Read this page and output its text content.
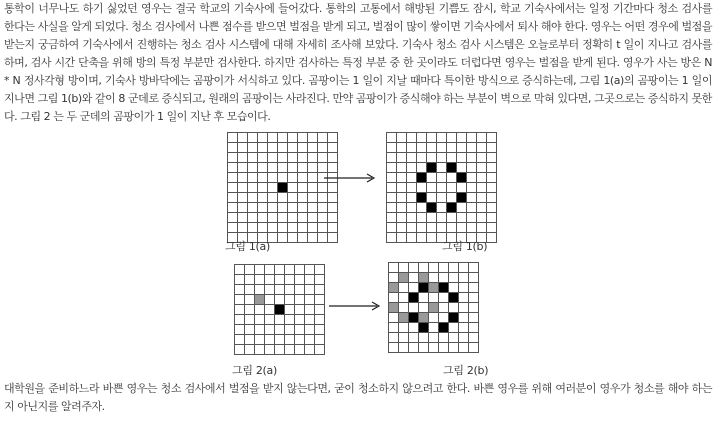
통학이 너무나도 하기 싫었던 영우는 결국 학교의 기숙사에 들어갔다. 통학의 고통에서 해방된 기쁨도 잠시, 학교 기숙사에서는 일정 기간마다 청소 검사를 한다는 사실을 알게 되었다. 청소 검사에서 나쁜 점수를 받으면 벌점을 받게 되고, 벌점이 많이 쌓이면 기숙사에서 퇴사 해야 한다. 영우는 어떤 경우에 벌점을 받는지 궁금하여 기숙사에서 진행하는 청소 검사 시스템에 대해 자세히 조사해 보았다. 기숙사 청소 검사 시스템은 오늘로부터 정확히 t 일이 지나고 검사를 하며, 검사 시간 단축을 위해 방의 특정 부분만 검사한다. 하지만 검사하는 특정 부분 중 한 곳이라도 더럽다면 영우는 벌점을 받게 된다. 영우가 사는 방은 N * N 정사각형 방이며, 기숙사 방바닥에는 곰팡이가 서식하고 있다. 곰팡이는 1 일이 지날 때마다 특이한 방식으로 증식하는데, 그림 1(a)의 곰팡이는 1 일이 지나면 그림 1(b)와 같이 8 군데로 증식되고, 원래의 곰팡이는 사라진다. 만약 곰팡이가 증식해야 하는 부분이 벽으로 막혀 있다면, 그곳으로는 증식하지 못한다. 그림 2 는 두 군데의 곰팡이가 1 일이 지난 후 모습이다.

그림 1(a)	그림 1(b)
그림 2(a)	그림 2(b)

대학원을 준비하느라 바쁜 영우는 청소 검사에서 벌점을 받지 않는다면, 굳이 청소하지 않으려고 한다. 바쁜 영우를 위해 여러분이 영우가 청소를 해야 하는지 아닌지를 알려주자.
